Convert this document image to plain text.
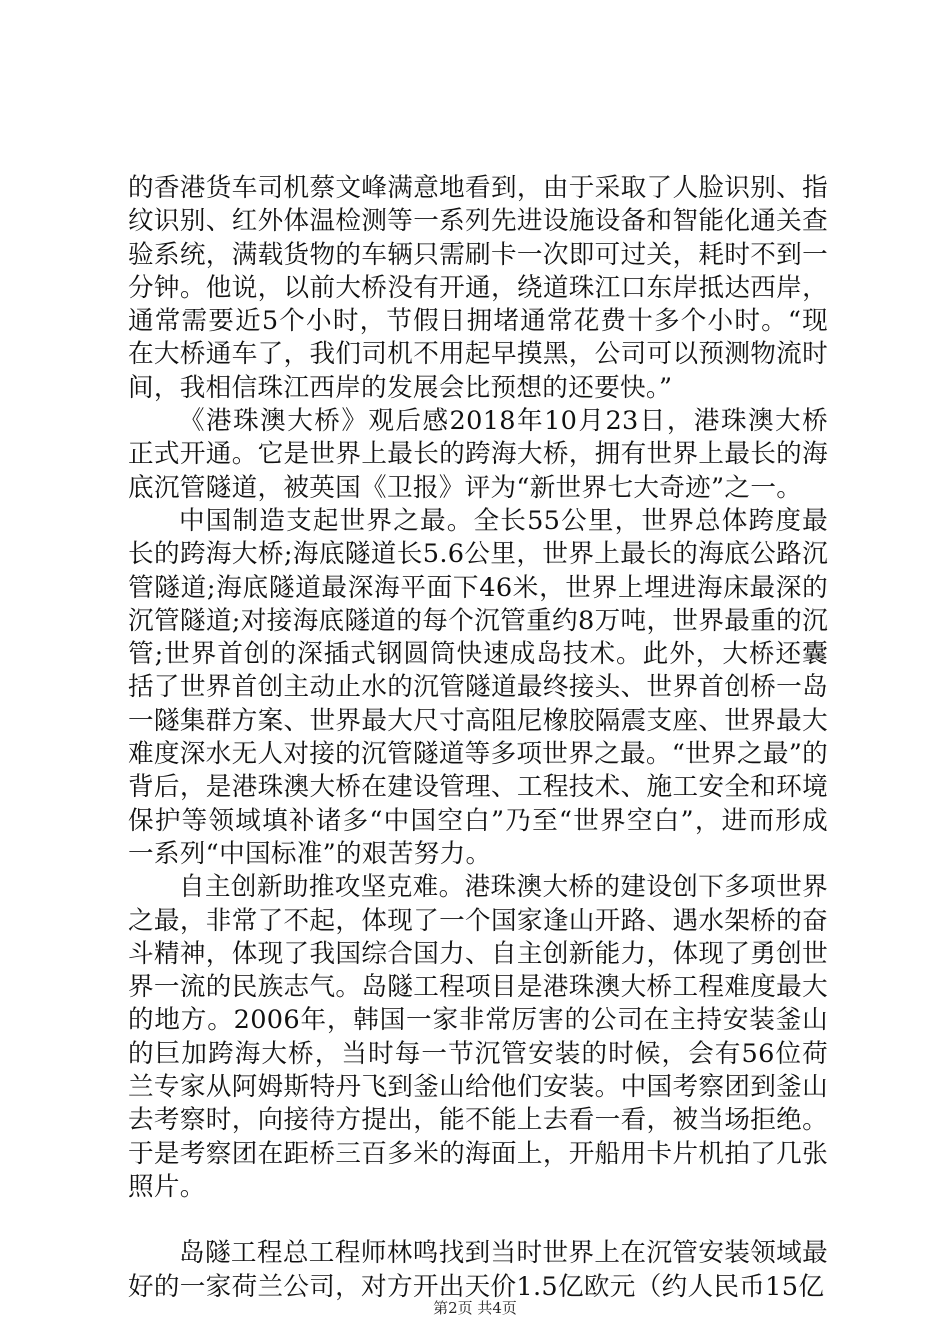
的香港货车司机蔡文峰满意地看到，由于采取了人脸识别、指纹识别、红外体温检测等一系列先进设施设备和智能化通关查验系统，满载货物的车辆只需刷卡一次即可过关，耗时不到一分钟。他说，以前大桥没有开通，绕道珠江口东岸抵达西岸，通常需要近5个小时，节假日拥堵通常花费十多个小时。“现在大桥通车了，我们司机不用起早摸黑，公司可以预测物流时间，我相信珠江西岸的发展会比预想的还要快。”

《港珠澳大桥》观后感2018年10月23日，港珠澳大桥正式开通。它是世界上最长的跨海大桥，拥有世界上最长的海底沉管隧道，被英国《卫报》评为“新世界七大奇迹”之一。

中国制造支起世界之最。全长55公里，世界总体跨度最长的跨海大桥;海底隧道长5.6公里，世界上最长的海底公路沉管隧道;海底隧道最深海平面下46米，世界上埋进海床最深的沉管隧道;对接海底隧道的每个沉管重约8万吨，世界最重的沉管;世界首创的深插式钢圆筒快速成岛技术。此外，大桥还囊括了世界首创主动止水的沉管隧道最终接头、世界首创桥一岛一隧集群方案、世界最大尺寸高阻尼橡胶隔震支座、世界最大难度深水无人对接的沉管隧道等多项世界之最。“世界之最”的背后，是港珠澳大桥在建设管理、工程技术、施工安全和环境保护等领域填补诸多“中国空白”乃至“世界空白”，进而形成一系列“中国标准”的艰苦努力。

自主创新助推攻坚克难。港珠澳大桥的建设创下多项世界之最，非常了不起，体现了一个国家逢山开路、遇水架桥的奋斗精神，体现了我国综合国力、自主创新能力，体现了勇创世界一流的民族志气。岛隧工程项目是港珠澳大桥工程难度最大的地方。2006年，韩国一家非常厉害的公司在主持安装釜山的巨加跨海大桥，当时每一节沉管安装的时候，会有56位荷兰专家从阿姆斯特丹飞到釜山给他们安装。中国考察团到釜山去考察时，向接待方提出，能不能上去看一看，被当场拒绝。于是考察团在距桥三百多米的海面上，开船用卡片机拍了几张照片。

岛隧工程总工程师林鸣找到当时世界上在沉管安装领域最好的一家荷兰公司，对方开出天价1.5亿欧元（约人民币15亿

第2页 共4页
